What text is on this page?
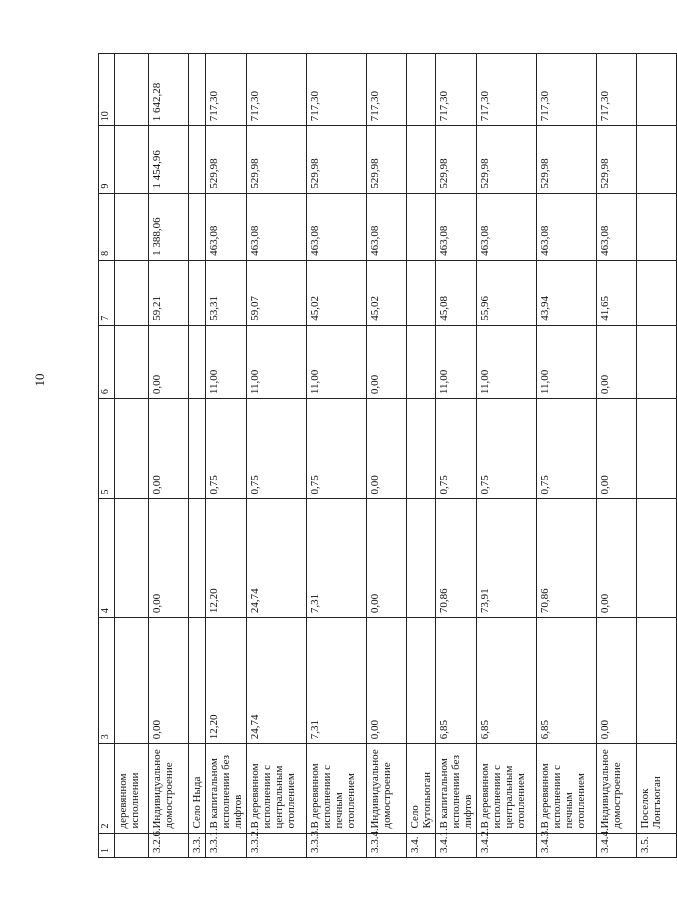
10
1	2	3	4	5	6	7	8	9	10
	деревянном исполнении								
3.2.6.	Индивидуальное домостроение	0,00	0,00	0,00	0,00	59,21	1 388,06	1 454,96	1 642,28
3.3.	Село Ныда								
3.3.1.	В капитальном исполнении без лифтов	12,20	12,20	0,75	11,00	53,31	463,08	529,98	717,30
3.3.2.	В деревянном исполнении с центральным отоплением	24,74	24,74	0,75	11,00	59,07	463,08	529,98	717,30
3.3.3.	В деревянном исполнении с печным отоплением	7,31	7,31	0,75	11,00	45,02	463,08	529,98	717,30
3.3.4.	Индивидуальное домостроение	0,00	0,00	0,00	0,00	45,02	463,08	529,98	717,30
3.4.	Село Кутопьюган								
3.4.1.	В капитальном исполнении без лифтов	6,85	70,86	0,75	11,00	45,08	463,08	529,98	717,30
3.4.2.	В деревянном исполнении с центральным отоплением	6,85	73,91	0,75	11,00	55,96	463,08	529,98	717,30
3.4.3.	В деревянном исполнении с печным отоплением	6,85	70,86	0,75	11,00	43,94	463,08	529,98	717,30
3.4.4.	Индивидуальное домостроение	0,00	0,00	0,00	0,00	41,65	463,08	529,98	717,30
3.5.	Поселок Лонгъюган								
